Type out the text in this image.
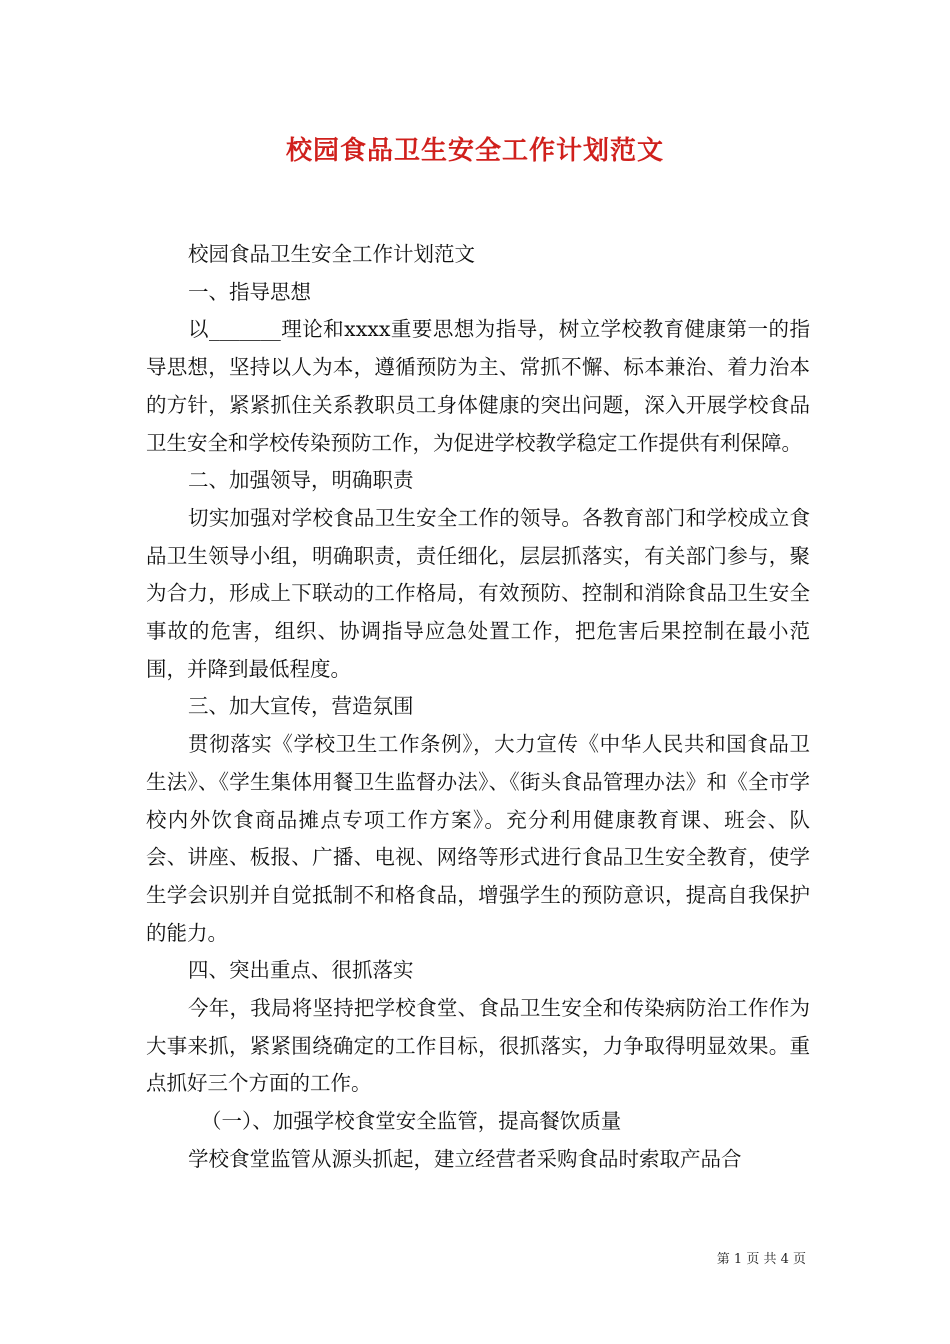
校园食品卫生安全工作计划范文

校园食品卫生安全工作计划范文

一、指导思想

以_______理论和xxxx重要思想为指导，树立学校教育健康第一的指导思想，坚持以人为本，遵循预防为主、常抓不懈、标本兼治、着力治本的方针，紧紧抓住关系教职员工身体健康的突出问题，深入开展学校食品卫生安全和学校传染预防工作，为促进学校教学稳定工作提供有利保障。

二、加强领导，明确职责

切实加强对学校食品卫生安全工作的领导。各教育部门和学校成立食品卫生领导小组，明确职责，责任细化，层层抓落实，有关部门参与，聚为合力，形成上下联动的工作格局，有效预防、控制和消除食品卫生安全事故的危害，组织、协调指导应急处置工作，把危害后果控制在最小范围，并降到最低程度。

三、加大宣传，营造氛围

贯彻落实《学校卫生工作条例》，大力宣传《中华人民共和国食品卫生法》、《学生集体用餐卫生监督办法》、《街头食品管理办法》和《全市学校内外饮食商品摊点专项工作方案》。充分利用健康教育课、班会、队会、讲座、板报、广播、电视、网络等形式进行食品卫生安全教育，使学生学会识别并自觉抵制不和格食品，增强学生的预防意识，提高自我保护的能力。

四、突出重点、很抓落实

今年，我局将坚持把学校食堂、食品卫生安全和传染病防治工作作为大事来抓，紧紧围绕确定的工作目标，很抓落实，力争取得明显效果。重点抓好三个方面的工作。

（一）、加强学校食堂安全监管，提高餐饮质量

学校食堂监管从源头抓起，建立经营者采购食品时索取产品合

第 1 页 共 4 页
